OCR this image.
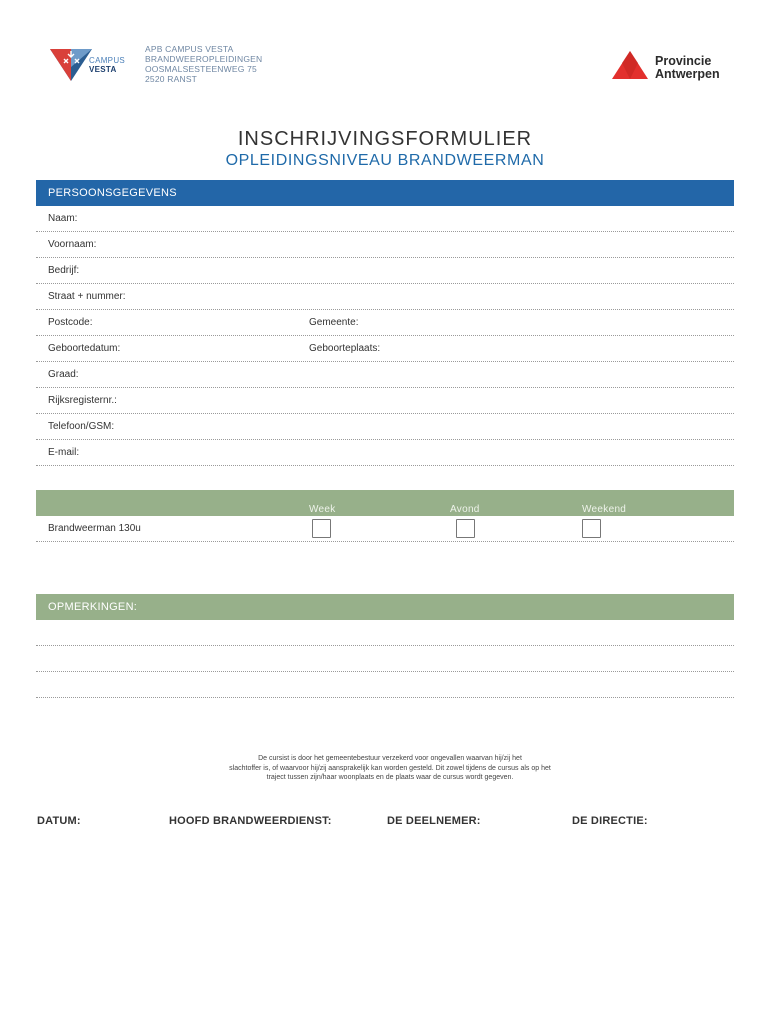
CAMPUS
VESTA
APB CAMPUS VESTA
BRANDWEEROPLEIDINGEN
OOSMALSESTEENWEG 75
2520 RANST
Provincie
Antwerpen
INSCHRIJVINGSFORMULIER
OPLEIDINGSNIVEAU BRANDWEERMAN
PERSOONSGEGEVENS
Naam:
Voornaam:
Bedrijf:
Straat + nummer:
Postcode:	Gemeente:
Geboortedatum:	Geboorteplaats:
Graad:
Rijksregisternr.:
Telefoon/GSM:
E-mail:
Week	Avond	Weekend
Brandweerman 130u
OPMERKINGEN:
De cursist is door het gemeentebestuur verzekerd voor ongevallen waarvan hij/zij het
slachtoffer is, of waarvoor hij/zij aansprakelijk kan worden gesteld. Dit zowel tijdens de cursus als op het
traject tussen zijn/haar woonplaats en de plaats waar de cursus wordt gegeven.
DATUM:	HOOFD BRANDWEERDIENST:	DE DEELNEMER:	DE DIRECTIE:
